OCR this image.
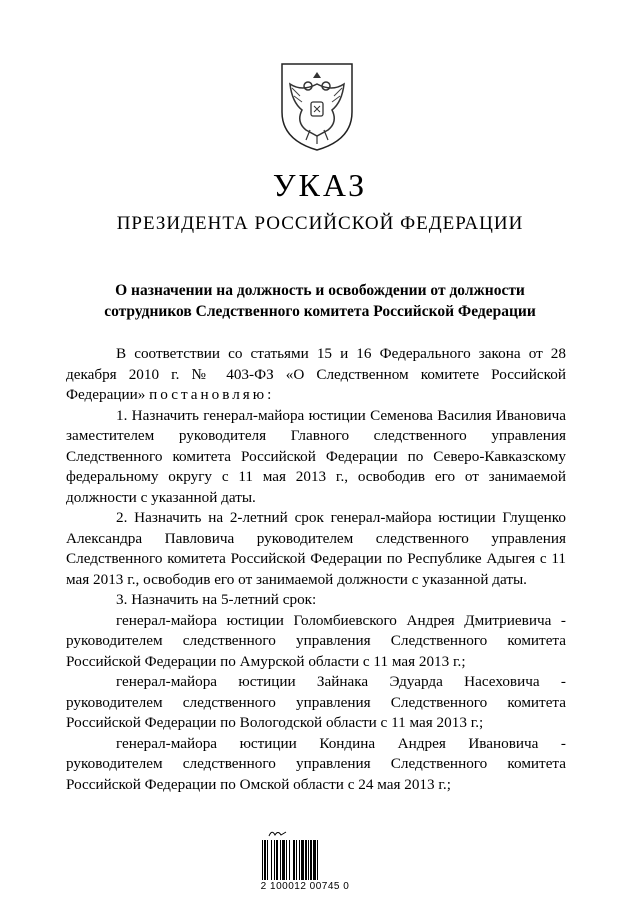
УКАЗ
ПРЕЗИДЕНТА РОССИЙСКОЙ ФЕДЕРАЦИИ
О назначении на должность и освобождении от должности
сотрудников Следственного комитета Российской Федерации

В соответствии со статьями 15 и 16 Федерального закона от 28 декабря 2010 г. № 403-ФЗ «О Следственном комитете Российской Федерации» постановляю:

1. Назначить генерал-майора юстиции Семенова Василия Ивановича заместителем руководителя Главного следственного управления Следственного комитета Российской Федерации по Северо-Кавказскому федеральному округу с 11 мая 2013 г., освободив его от занимаемой должности с указанной даты.

2. Назначить на 2-летний срок генерал-майора юстиции Глущенко Александра Павловича руководителем следственного управления Следственного комитета Российской Федерации по Республике Адыгея с 11 мая 2013 г., освободив его от занимаемой должности с указанной даты.

3. Назначить на 5-летний срок:

генерал-майора юстиции Голомбиевского Андрея Дмитриевича - руководителем следственного управления Следственного комитета Российской Федерации по Амурской области с 11 мая 2013 г.;

генерал-майора юстиции Зайнака Эдуарда Насеховича - руководителем следственного управления Следственного комитета Российской Федерации по Вологодской области с 11 мая 2013 г.;

генерал-майора юстиции Кондина Андрея Ивановича - руководителем следственного управления Следственного комитета Российской Федерации по Омской области с 24 мая 2013 г.;

2 100012 00745 0
